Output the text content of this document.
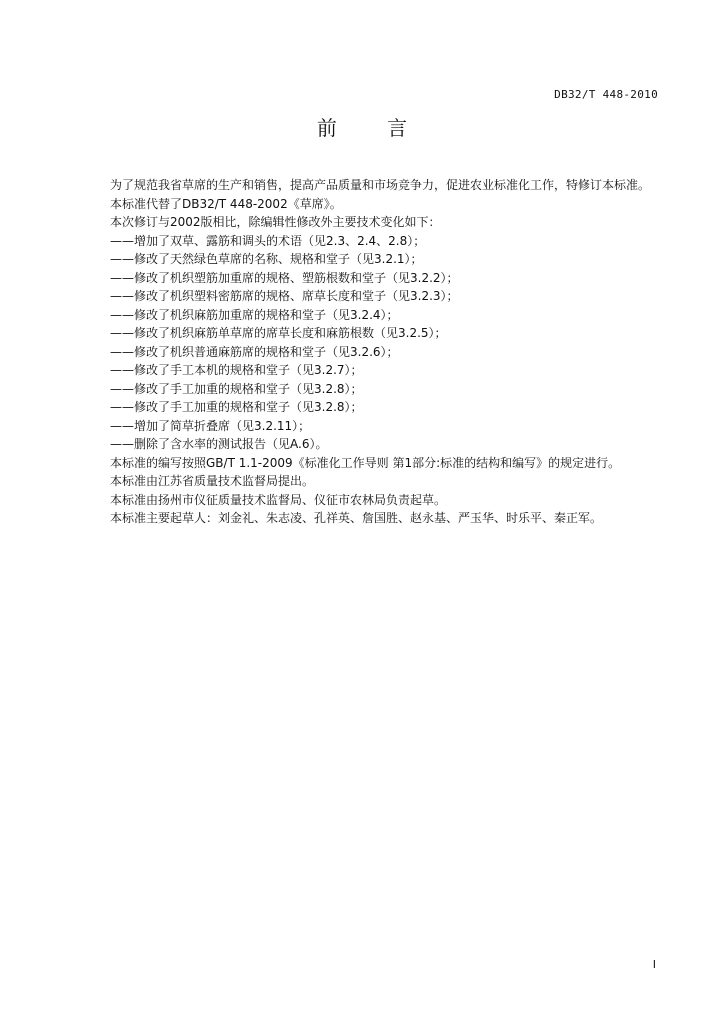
DB32/T 448-2010
前 言

为了规范我省草席的生产和销售，提高产品质量和市场竞争力，促进农业标准化工作，特修订本标准。

本标准代替了DB32/T 448-2002《草席》。

本次修订与2002版相比，除编辑性修改外主要技术变化如下：

——增加了双草、露筋和调头的术语（见2.3、2.4、2.8）；

——修改了天然绿色草席的名称、规格和堂子（见3.2.1）；

——修改了机织塑筋加重席的规格、塑筋根数和堂子（见3.2.2）；

——修改了机织塑料密筋席的规格、席草长度和堂子（见3.2.3）；

——修改了机织麻筋加重席的规格和堂子（见3.2.4）；

——修改了机织麻筋单草席的席草长度和麻筋根数（见3.2.5）；

——修改了机织普通麻筋席的规格和堂子（见3.2.6）；

——修改了手工本机的规格和堂子（见3.2.7）；

——修改了手工加重的规格和堂子（见3.2.8）；

——修改了手工加重的规格和堂子（见3.2.8）；

——增加了简草折叠席（见3.2.11）；

——删除了含水率的测试报告（见A.6）。

本标准的编写按照GB/T 1.1-2009《标准化工作导则 第1部分:标准的结构和编写》的规定进行。

本标准由江苏省质量技术监督局提出。

本标准由扬州市仪征质量技术监督局、仪征市农林局负责起草。

本标准主要起草人：刘金礼、朱志凌、孔祥英、詹国胜、赵永基、严玉华、时乐平、秦正军。

I
